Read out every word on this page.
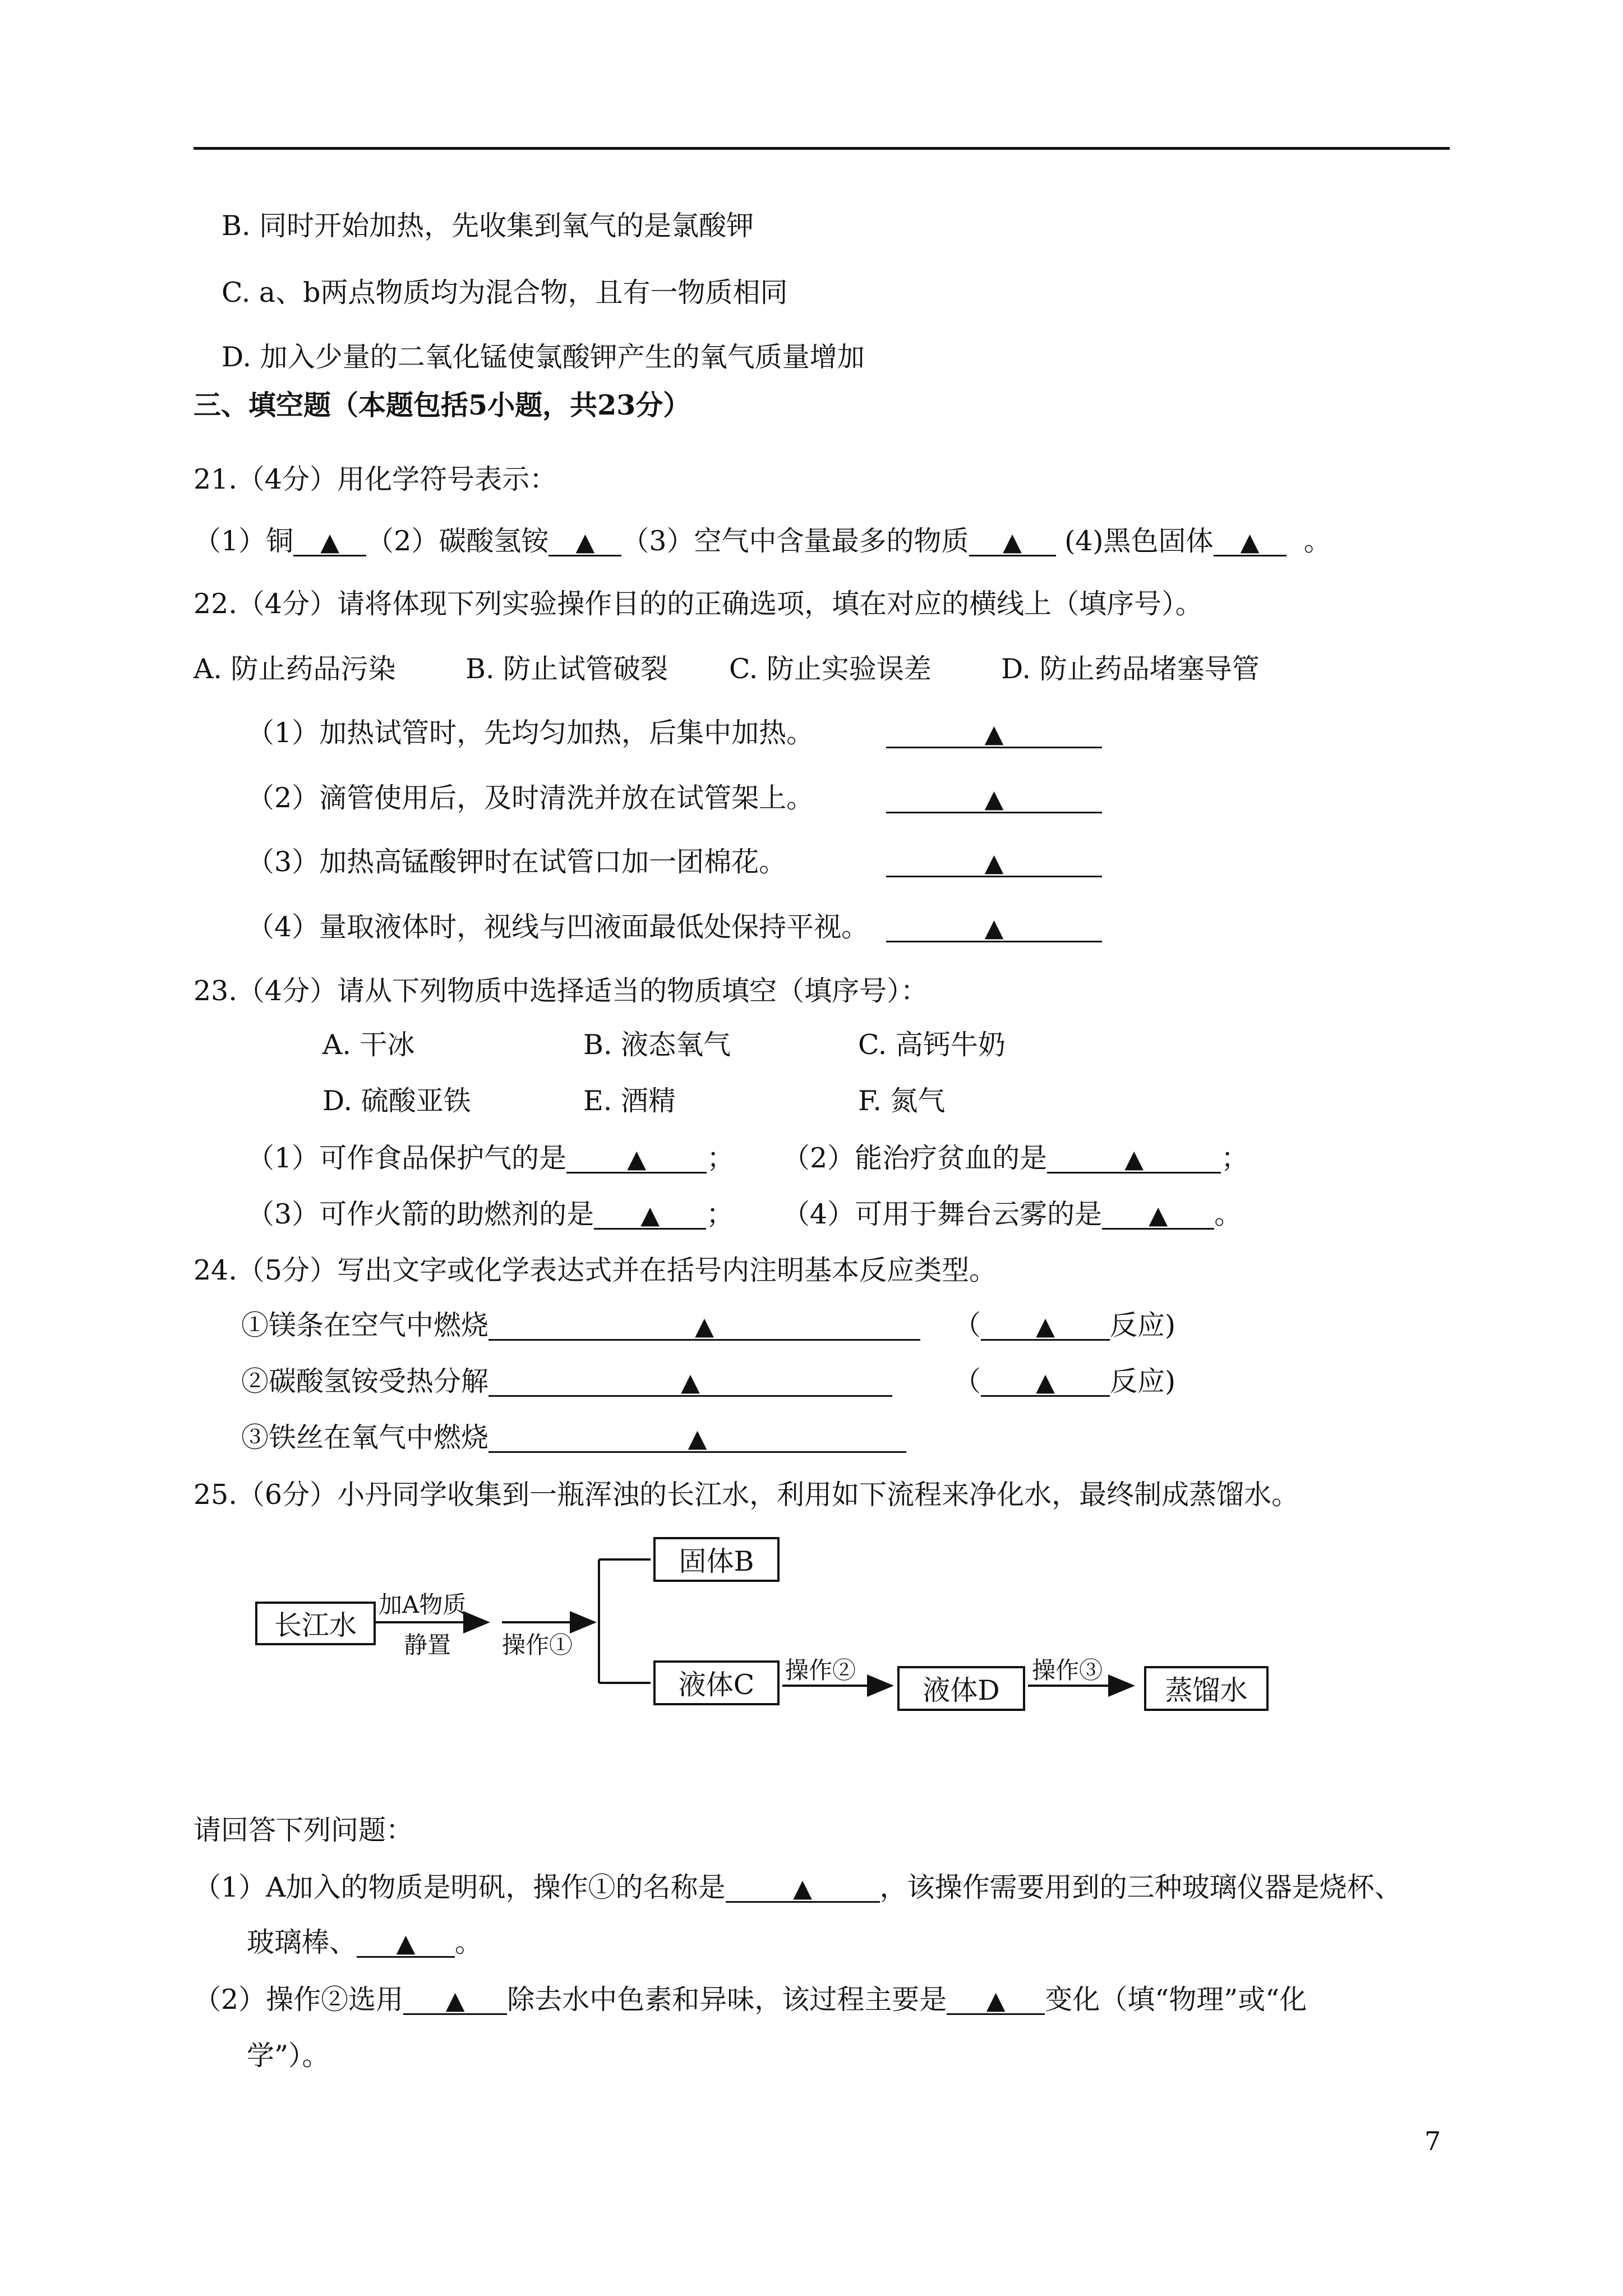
B. 同时开始加热，先收集到氧气的是氯酸钾
C. a、b两点物质均为混合物，且有一物质相同
D. 加入少量的二氧化锰使氯酸钾产生的氧气质量增加
三、填空题（本题包括5小题，共23分）
21.（4分）用化学符号表示：
（1）铜 ▲ （2）碳酸氢铵 ▲ （3）空气中含量最多的物质 ▲ (4)黑色固体 ▲ 。
22.（4分）请将体现下列实验操作目的的正确选项，填在对应的横线上（填序号）。
A. 防止药品污染	B. 防止试管破裂 C. 防止实验误差	D. 防止药品堵塞导管
（1）加热试管时，先均匀加热，后集中加热。	▲
（2）滴管使用后，及时清洗并放在试管架上。	▲
（3）加热高锰酸钾时在试管口加一团棉花。	▲
（4）量取液体时，视线与凹液面最低处保持平视。	▲
23.（4分）请从下列物质中选择适当的物质填空（填序号）：
A. 干冰	B. 液态氧气	C. 高钙牛奶
D. 硫酸亚铁	E. 酒精	F. 氮气
（1）可作食品保护气的是 ▲ ； （2）能治疗贫血的是	▲	；
（3）可作火箭的助燃剂的是 ▲ ； （4）可用于舞台云雾的是 ▲ 。
24.（5分）写出文字或化学表达式并在括号内注明基本反应类型。
①镁条在空气中燃烧	▲	（ ▲ 反应)
②碳酸氢铵受热分解	▲	（ ▲ 反应)
③铁丝在氧气中燃烧	▲
25.（6分）小丹同学收集到一瓶浑浊的长江水，利用如下流程来净化水，最终制成蒸馏水。
长江水
加A物质
静置 操作①
固体B
液体C	操作②
液体D
操作③
蒸馏水
请回答下列问题：
（1）A加入的物质是明矾，操作①的名称是	▲ ，该操作需要用到的三种玻璃仪器是烧杯、
玻璃棒、 ▲ 。
（2）操作②选用 ▲ 除去水中色素和异味，该过程主要是 ▲ 变化（填“物理”或“化
学”）。
7
